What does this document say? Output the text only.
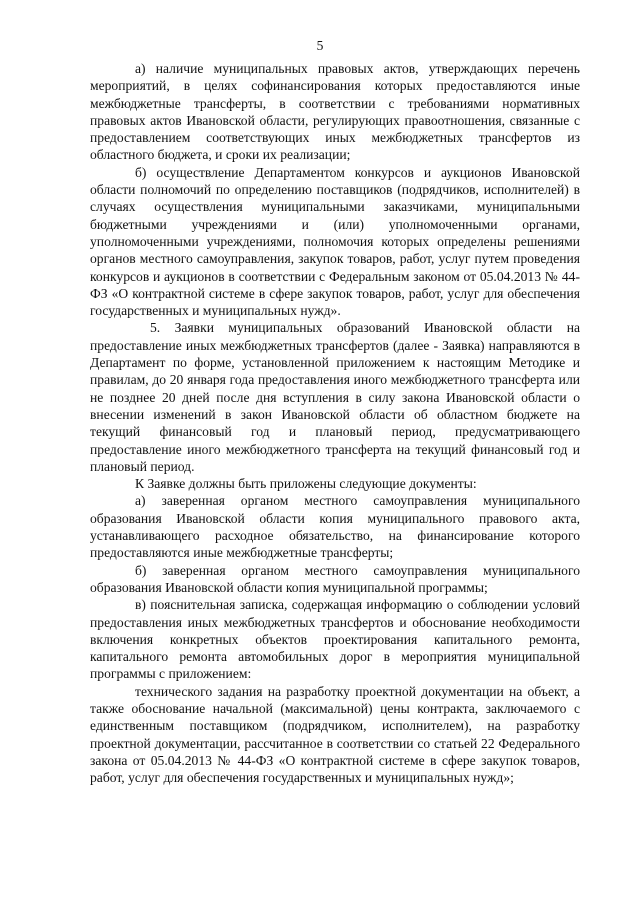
5

а) наличие муниципальных правовых актов, утверждающих перечень мероприятий, в целях софинансирования которых предоставляются иные межбюджетные трансферты, в соответствии с требованиями нормативных правовых актов Ивановской области, регулирующих правоотношения, связанные с предоставлением соответствующих иных межбюджетных трансфертов из областного бюджета, и сроки их реализации;

б) осуществление Департаментом конкурсов и аукционов Ивановской области полномочий по определению поставщиков (подрядчиков, исполнителей) в случаях осуществления муниципальными заказчиками, муниципальными бюджетными учреждениями и (или) уполномоченными органами, уполномоченными учреждениями, полномочия которых определены решениями органов местного самоуправления, закупок товаров, работ, услуг путем проведения конкурсов и аукционов в соответствии с Федеральным законом от 05.04.2013 № 44-ФЗ «О контрактной системе в сфере закупок товаров, работ, услуг для обеспечения государственных и муниципальных нужд».

5. Заявки муниципальных образований Ивановской области на предоставление иных межбюджетных трансфертов (далее - Заявка) направляются в Департамент по форме, установленной приложением к настоящим Методике и правилам, до 20 января года предоставления иного межбюджетного трансферта или не позднее 20 дней после дня вступления в силу закона Ивановской области о внесении изменений в закон Ивановской области об областном бюджете на текущий финансовый год и плановый период, предусматривающего предоставление иного межбюджетного трансферта на текущий финансовый год и плановый период.

К Заявке должны быть приложены следующие документы:

а) заверенная органом местного самоуправления муниципального образования Ивановской области копия муниципального правового акта, устанавливающего расходное обязательство, на финансирование которого предоставляются иные межбюджетные трансферты;

б) заверенная органом местного самоуправления муниципального образования Ивановской области копия муниципальной программы;

в) пояснительная записка, содержащая информацию о соблюдении условий предоставления иных межбюджетных трансфертов и обоснование необходимости включения конкретных объектов проектирования капитального ремонта, капитального ремонта автомобильных дорог в мероприятия муниципальной программы с приложением:

технического задания на разработку проектной документации на объект, а также обоснование начальной (максимальной) цены контракта, заключаемого с единственным поставщиком (подрядчиком, исполнителем), на разработку проектной документации, рассчитанное в соответствии со статьей 22 Федерального закона от 05.04.2013 № 44-ФЗ «О контрактной системе в сфере закупок товаров, работ, услуг для обеспечения государственных и муниципальных нужд»;
